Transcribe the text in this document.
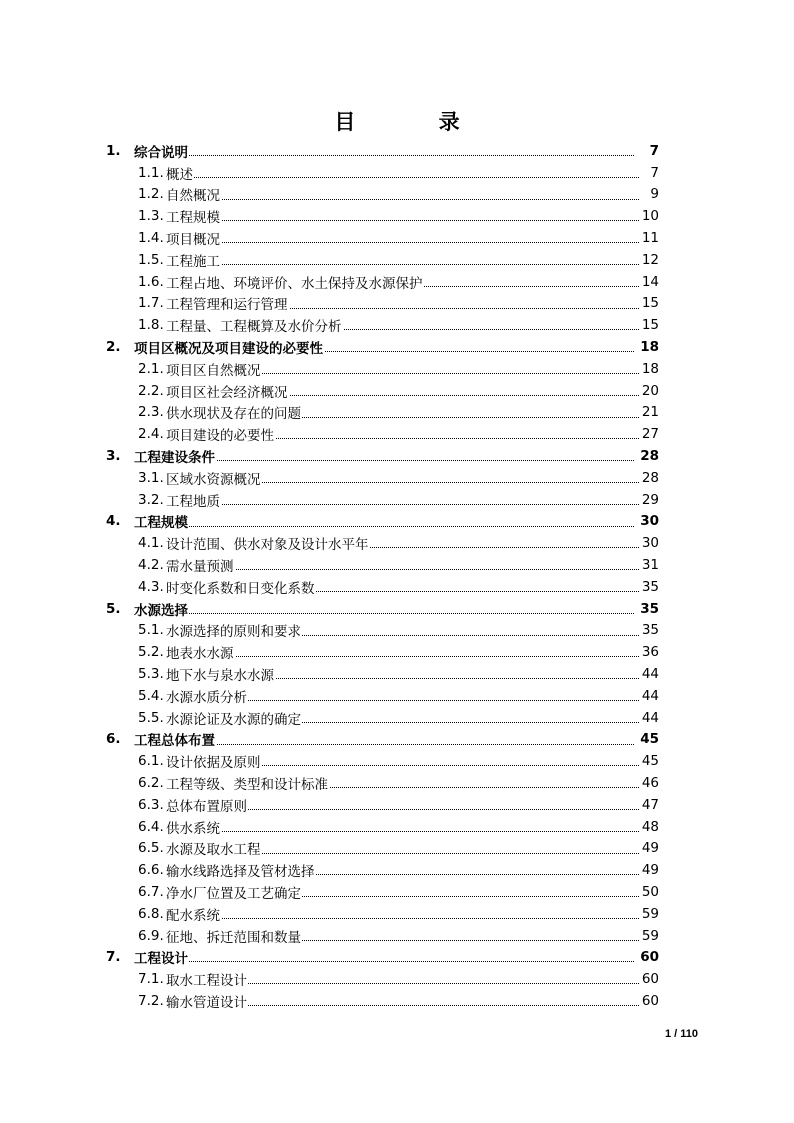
目 录
1. 综合说明	7
1.1. 概述	7
1.2. 自然概况	9
1.3. 工程规模	10
1.4. 项目概况	11
1.5. 工程施工	12
1.6. 工程占地、环境评价、水土保持及水源保护	14
1.7. 工程管理和运行管理	15
1.8. 工程量、工程概算及水价分析	15
2. 项目区概况及项目建设的必要性	18
2.1. 项目区自然概况	18
2.2. 项目区社会经济概况	20
2.3. 供水现状及存在的问题	21
2.4. 项目建设的必要性	27
3. 工程建设条件	28
3.1. 区域水资源概况	28
3.2. 工程地质	29
4. 工程规模	30
4.1. 设计范围、供水对象及设计水平年	30
4.2. 需水量预测	31
4.3. 时变化系数和日变化系数	35
5. 水源选择	35
5.1. 水源选择的原则和要求	35
5.2. 地表水水源	36
5.3. 地下水与泉水水源	44
5.4. 水源水质分析	44
5.5. 水源论证及水源的确定	44
6. 工程总体布置	45
6.1. 设计依据及原则	45
6.2. 工程等级、类型和设计标准	46
6.3. 总体布置原则	47
6.4. 供水系统	48
6.5. 水源及取水工程	49
6.6. 输水线路选择及管材选择	49
6.7. 净水厂位置及工艺确定	50
6.8. 配水系统	59
6.9. 征地、拆迁范围和数量	59
7. 工程设计	60
7.1. 取水工程设计	60
7.2. 输水管道设计	60
1 / 110
